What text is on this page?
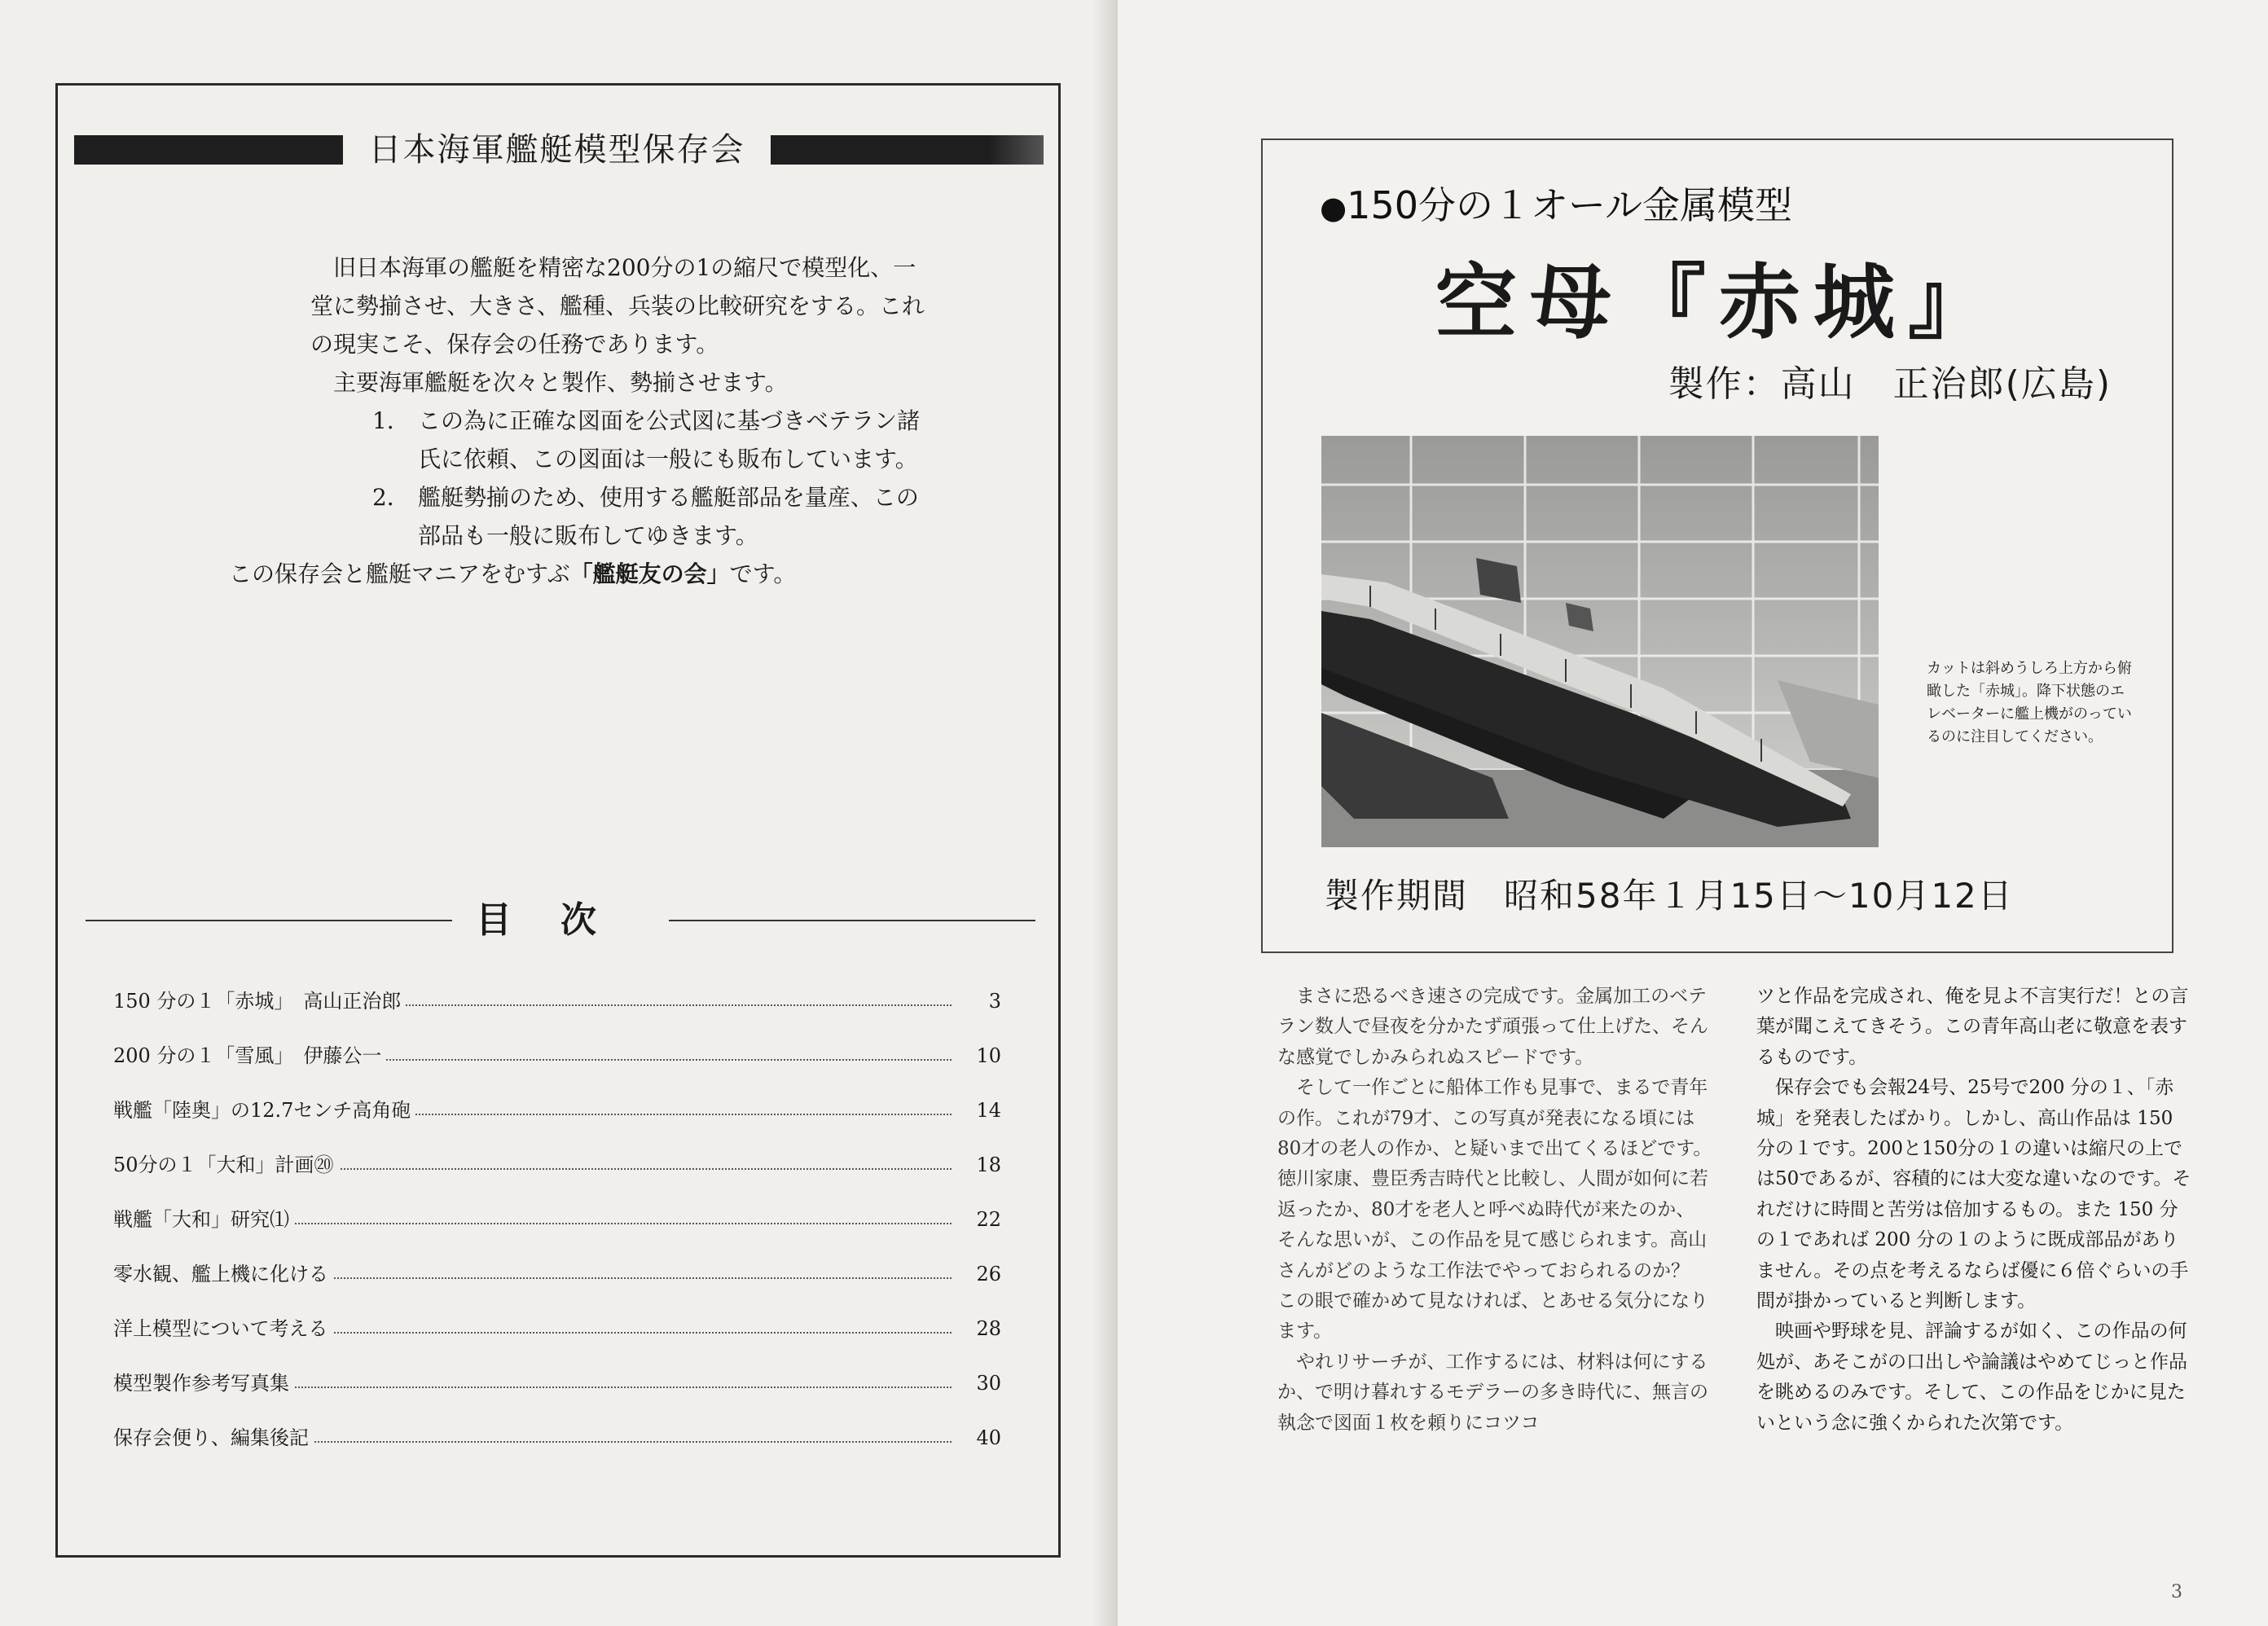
日本海軍艦艇模型保存会

旧日本海軍の艦艇を精密な200分の1の縮尺で模型化、一堂に勢揃させ、大きさ、艦種、兵装の比較研究をする。これの現実こそ、保存会の任務であります。

主要海軍艦艇を次々と製作、勢揃させます。

1． この為に正確な図面を公式図に基づきベテラン諸氏に依頼、この図面は一般にも販布しています。

2． 艦艇勢揃のため、使用する艦艇部品を量産、この部品も一般に販布してゆきます。

この保存会と艦艇マニアをむすぶ「艦艇友の会」です。

目次
150 分の１「赤城」　高山正治郎	3
200 分の１「雪風」　伊藤公一	10
戦艦「陸奥」の12.7センチ高角砲	14
50分の１「大和」計画⑳	18
戦艦「大和」研究⑴	22
零水観、艦上機に化ける	26
洋上模型について考える	28
模型製作参考写真集	30
保存会便り、編集後記	40
●150分の１オール金属模型
空母『赤城』
製作：高山　正治郎(広島)
カットは斜めうしろ上方から俯瞰した「赤城」。降下状態のエレベーターに艦上機がのっているのに注目してください。
製作期間　昭和58年１月15日～10月12日

まさに恐るべき速さの完成です。金属加工のベテラン数人で昼夜を分かたず頑張って仕上げた、そんな感覚でしかみられぬスピードです。

そして一作ごとに船体工作も見事で、まるで青年の作。これが79才、この写真が発表になる頃には80才の老人の作か、と疑いまで出てくるほどです。徳川家康、豊臣秀吉時代と比較し、人間が如何に若返ったか、80才を老人と呼べぬ時代が来たのか、そんな思いが、この作品を見て感じられます。高山さんがどのような工作法でやっておられるのか？　この眼で確かめて見なければ、とあせる気分になります。

やれリサーチが、工作するには、材料は何にするか、で明け暮れするモデラーの多き時代に、無言の執念で図面１枚を頼りにコツコ

ツと作品を完成され、俺を見よ不言実行だ！との言葉が聞こえてきそう。この青年高山老に敬意を表するものです。

保存会でも会報24号、25号で200 分の１、「赤城」を発表したばかり。しかし、高山作品は 150 分の１です。200と150分の１の違いは縮尺の上では50であるが、容積的には大変な違いなのです。それだけに時間と苦労は倍加するもの。また 150 分の１であれば 200 分の１のように既成部品がありません。その点を考えるならば優に６倍ぐらいの手間が掛かっていると判断します。

映画や野球を見、評論するが如く、この作品の何処が、あそこがの口出しや論議はやめてじっと作品を眺めるのみです。そして、この作品をじかに見たいという念に強くかられた次第です。

3
